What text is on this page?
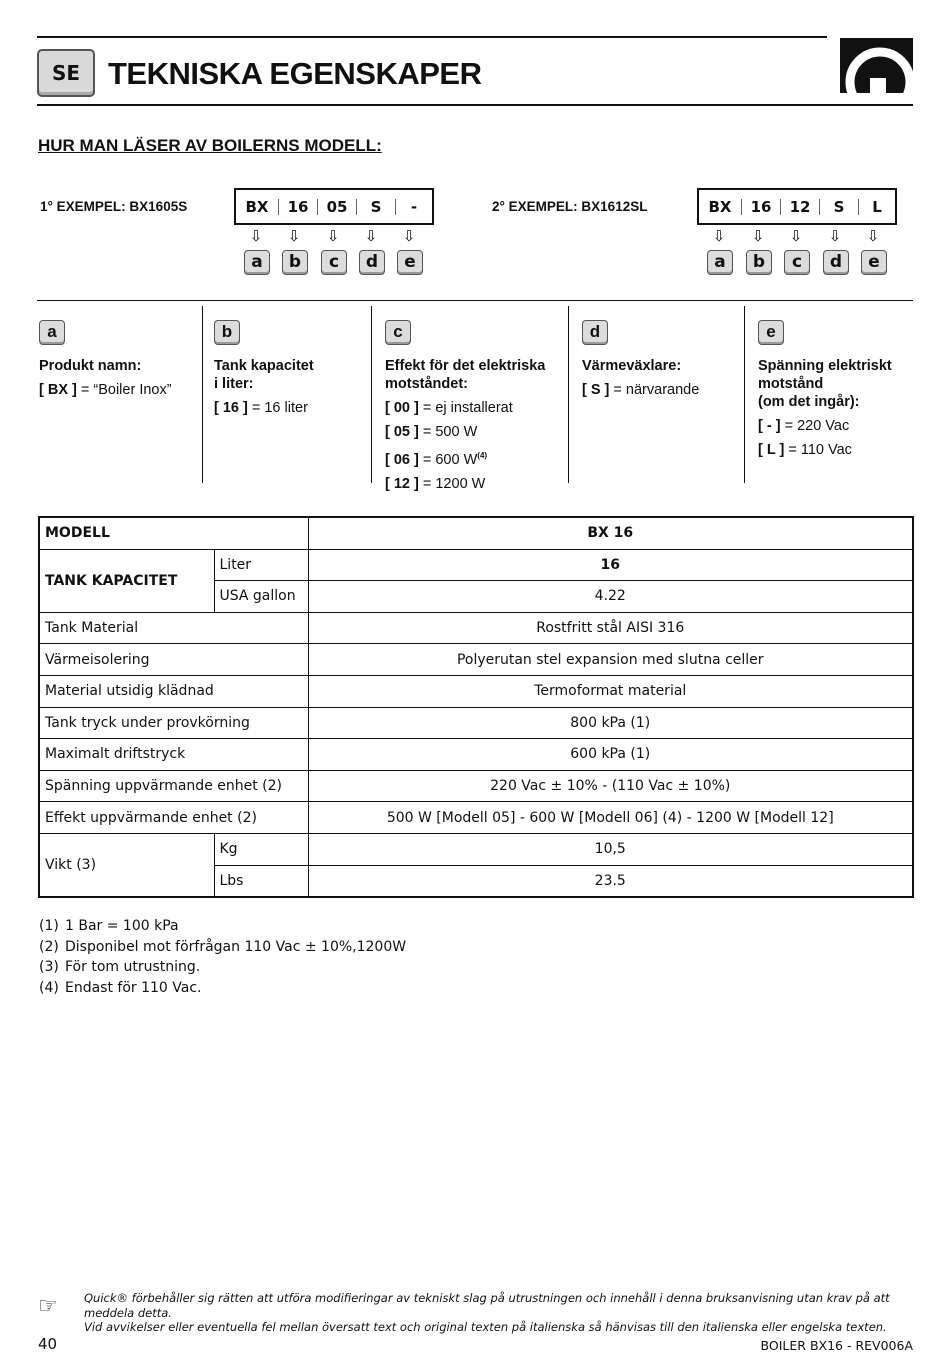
SE TEKNISKA EGENSKAPER
HUR MAN LÄSER AV BOILERNS MODELL:
1° EXEMPEL: BX1605S	BX	16	05	S	-
⇩ ⇩ ⇩ ⇩ ⇩
a	b	c	d	e
2° EXEMPEL: BX1612SL	BX	16	12	S	L
⇩ ⇩ ⇩ ⇩ ⇩
a	b	c	d	e
a
Produkt namn:
[ BX ] = “Boiler Inox”
b
Tank kapacitet
i liter:
[ 16 ] = 16 liter
c
Effekt för det elektriska
motståndet:
[ 00 ] = ej installerat
[ 05 ] = 500 W
[ 06 ] = 600 $W^{(4)}$
[ 12 ] = 1200 W
d
Värmeväxlare:
[ S ] = närvarande
e
Spänning elektriskt
motstånd
(om det ingår):
[ - ] = 220 Vac
[ L ] = 110 Vac
MODELL		BX 16
TANK KAPACITET	Liter	16
	USA gallon	4.22
Tank Material		Rostfritt stål AISI 316
Värmeisolering		Polyerutan stel expansion med slutna celler
Material utsidig klädnad		Termoformat material
Tank tryck under provkörning		800 kPa (1)
Maximalt driftstryck		600 kPa (1)
Spänning uppvärmande enhet (2)		220 Vac ± 10% - (110 Vac ± 10%)
Effekt uppvärmande enhet (2)		500 W [Modell 05] - 600 W [Modell 06] (4) - 1200 W [Modell 12]
Vikt (3)	Kg	10,5
	Lbs	23.5
(1) 1 Bar = 100 kPa
(2) Disponibel mot förfrågan 110 Vac ± 10%,1200W
(3) För tom utrustning.
(4) Endast för 110 Vac.
☞ Quick® förbehåller sig rätten att utföra modifieringar av tekniskt slag på utrustningen och innehåll i denna bruksanvisning utan krav på att meddela detta.
Vid avvikelser eller eventuella fel mellan översatt text och original texten på italienska så hänvisas till den italienska eller engelska texten.
40	BOILER BX16 - REV006A
